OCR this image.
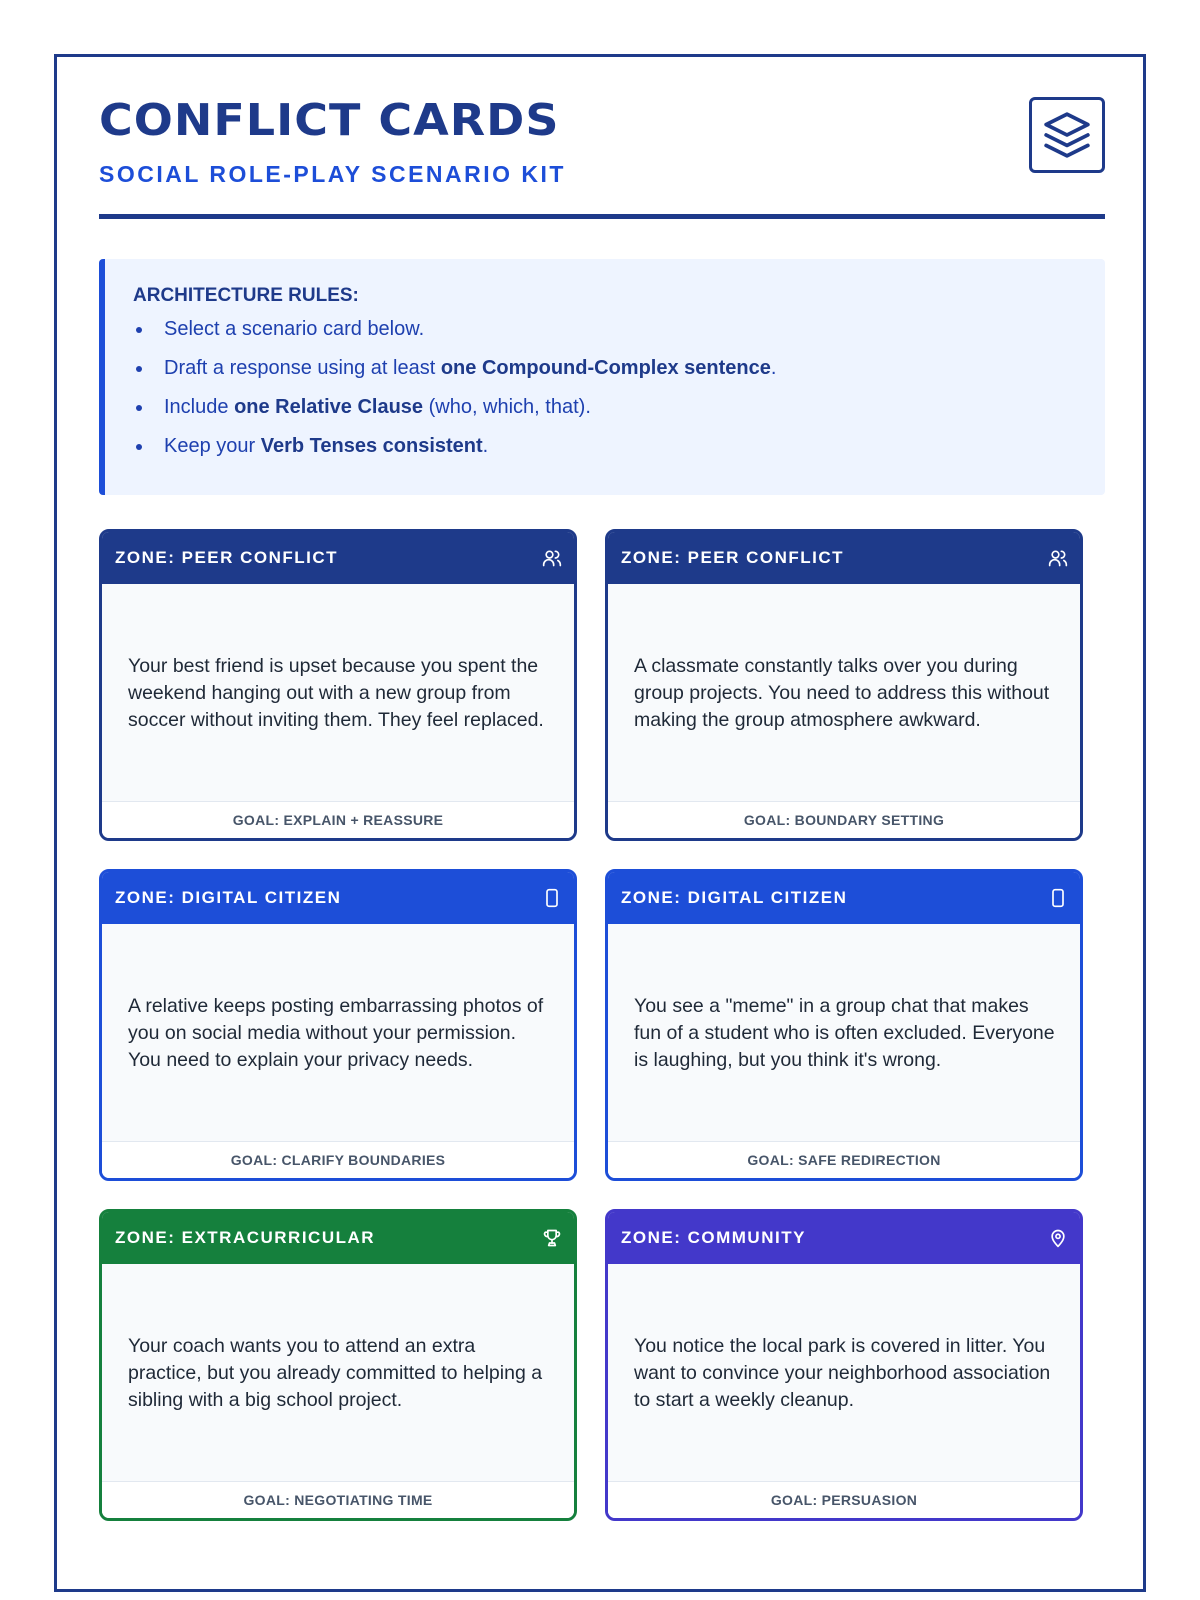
CONFLICT CARDS
SOCIAL ROLE-PLAY SCENARIO KIT
ARCHITECTURE RULES:
Select a scenario card below.
Draft a response using at least one Compound-Complex sentence.
Include one Relative Clause (who, which, that).
Keep your Verb Tenses consistent.
ZONE: PEER CONFLICT
Your best friend is upset because you spent the weekend hanging out with a new group from soccer without inviting them. They feel replaced.
GOAL: EXPLAIN + REASSURE
ZONE: PEER CONFLICT
A classmate constantly talks over you during group projects. You need to address this without making the group atmosphere awkward.
GOAL: BOUNDARY SETTING
ZONE: DIGITAL CITIZEN
A relative keeps posting embarrassing photos of you on social media without your permission. You need to explain your privacy needs.
GOAL: CLARIFY BOUNDARIES
ZONE: DIGITAL CITIZEN
You see a "meme" in a group chat that makes fun of a student who is often excluded. Everyone is laughing, but you think it's wrong.
GOAL: SAFE REDIRECTION
ZONE: EXTRACURRICULAR
Your coach wants you to attend an extra practice, but you already committed to helping a sibling with a big school project.
GOAL: NEGOTIATING TIME
ZONE: COMMUNITY
You notice the local park is covered in litter. You want to convince your neighborhood association to start a weekly cleanup.
GOAL: PERSUASION
